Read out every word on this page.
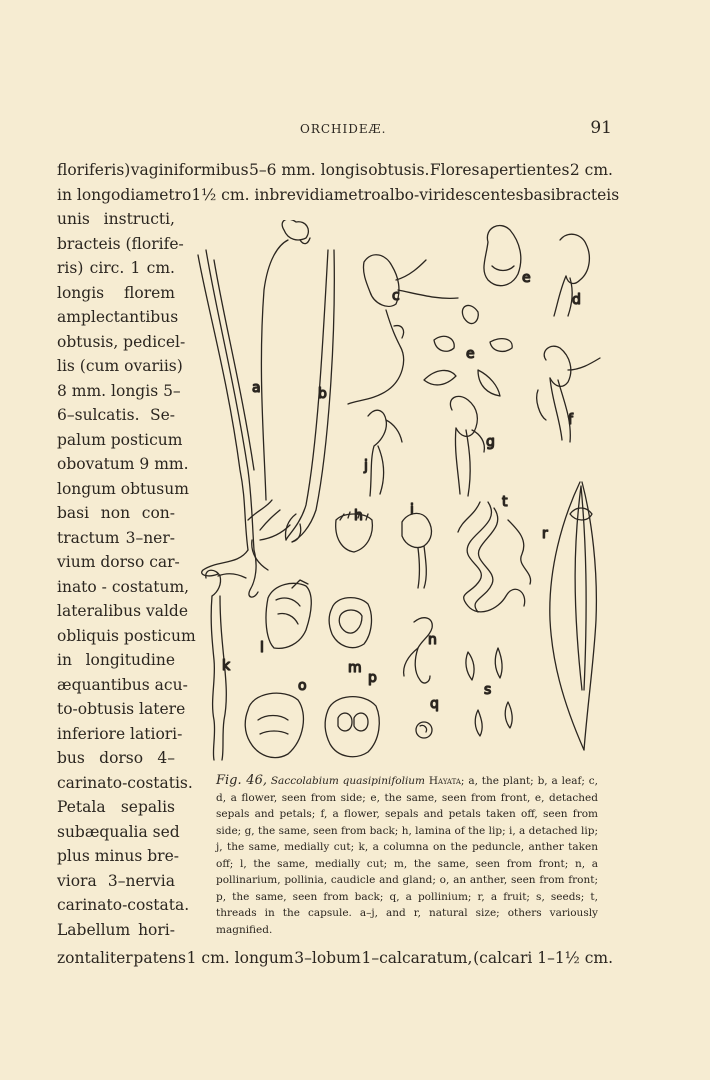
ORCHIDEÆ.	91
floriferis) vaginiformibus 5–6 mm. longis obtusis. Flores apertientes 2 cm.
in longo diametro 1½ cm. in brevi diametro albo-viridescentes basi bracteis
unis instructi,
bracteis (florife-
ris) circ. 1 cm.
longis florem
amplectantibus
obtusis, pedicel-
lis (cum ovariis)
8 mm. longis 5–
6–sulcatis. Se-
palum posticum
obovatum 9 mm.
longum obtusum
basi non con-
tractum 3–ner-
vium dorso car-
inato - costatum,
lateralibus valde
obliquis posticum
in longitudine
æquantibus acu-
to-obtusis latere
inferiore latiori-
bus dorso 4–
carinato-costatis.
Petala sepalis
subæqualia sed
plus minus bre-
viora 3–nervia
carinato-costata.
Labellum hori-
a	b
c	d
e
e
f
g
h	i
j
k
l
m
n
o	p
q
r
s
t
Fig. 46, Saccolabium quasipinifolium Hayata; a, the plant; b, a leaf; c, d, a flower, seen from side; e, the same, seen from front, e, detached sepals and petals; f, a flower, sepals and petals taken off, seen from side; g, the same, seen from back; h, lamina of the lip; i, a detached lip; j, the same, medially cut; k, a columna on the peduncle, anther taken off; l, the same, medially cut; m, the same, seen from front; n, a pollinarium, pollinia, caudicle and gland; o, an anther, seen from front; p, the same, seen from back; q, a pollinium; r, a fruit; s, seeds; t, threads in the capsule. a–j, and r, natural size; others variously magnified.
zontaliter patens 1 cm. longum 3–lobum 1–calcaratum, (calcari 1–1½ cm.
